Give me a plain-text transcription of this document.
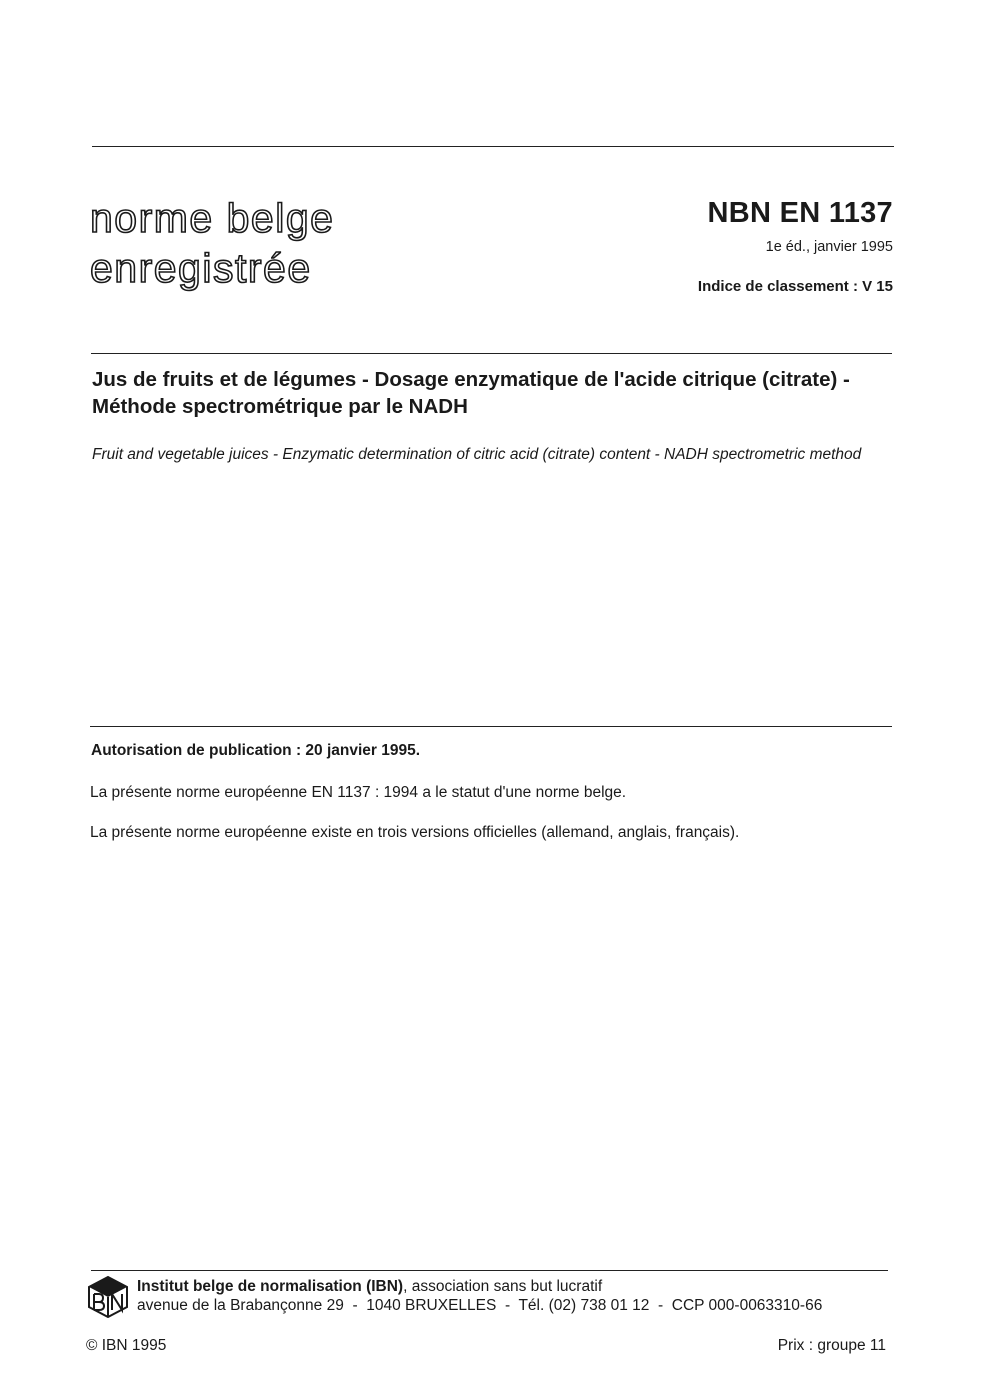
norme belge
enregistrée
NBN EN 1137
1e éd., janvier 1995
Indice de classement : V 15
Jus de fruits et de légumes - Dosage enzymatique de l'acide citrique (citrate) - Méthode spectrométrique par le NADH
Fruit and vegetable juices - Enzymatic determination of citric acid (citrate) content - NADH spectrometric method
Autorisation de publication : 20 janvier 1995.
La présente norme européenne EN 1137 : 1994 a le statut d'une norme belge.
La présente norme européenne existe en trois versions officielles (allemand, anglais, français).
Institut belge de normalisation (IBN), association sans but lucratif
avenue de la Brabançonne 29  -  1040 BRUXELLES  -  Tél. (02) 738 01 12  -  CCP 000-0063310-66
© IBN 1995	Prix : groupe 11
